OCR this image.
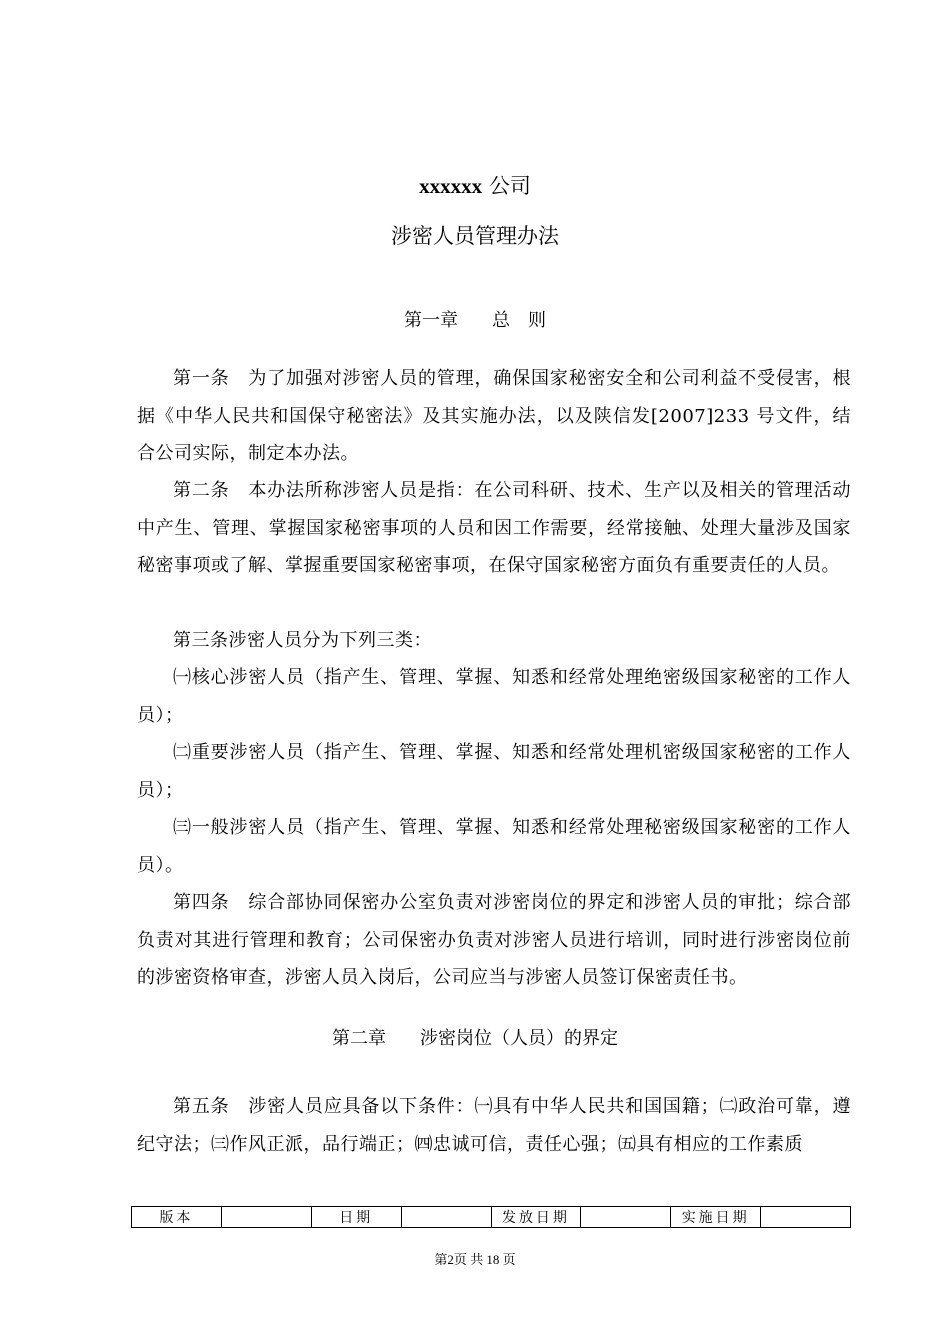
xxxxxx 公司
涉密人员管理办法
第一章 总　则
第一条　为了加强对涉密人员的管理，确保国家秘密安全和公司利益不受侵害，根据《中华人民共和国保守秘密法》及其实施办法，以及陕信发[2007]233 号文件，结合公司实际，制定本办法。
第二条　本办法所称涉密人员是指：在公司科研、技术、生产以及相关的管理活动中产生、管理、掌握国家秘密事项的人员和因工作需要，经常接触、处理大量涉及国家秘密事项或了解、掌握重要国家秘密事项，在保守国家秘密方面负有重要责任的人员。
第三条涉密人员分为下列三类：
㈠核心涉密人员（指产生、管理、掌握、知悉和经常处理绝密级国家秘密的工作人员）；
㈡重要涉密人员（指产生、管理、掌握、知悉和经常处理机密级国家秘密的工作人员）；
㈢一般涉密人员（指产生、管理、掌握、知悉和经常处理秘密级国家秘密的工作人员）。
第四条　综合部协同保密办公室负责对涉密岗位的界定和涉密人员的审批；综合部负责对其进行管理和教育；公司保密办负责对涉密人员进行培训，同时进行涉密岗位前的涉密资格审查，涉密人员入岗后，公司应当与涉密人员签订保密责任书。
第二章 涉密岗位（人员）的界定
第五条　涉密人员应具备以下条件：㈠具有中华人民共和国国籍；㈡政治可靠，遵纪守法；㈢作风正派，品行端正；㈣忠诚可信，责任心强；㈤具有相应的工作素质
版本		日期		发放日期		实施日期	
第2页 共 18 页
